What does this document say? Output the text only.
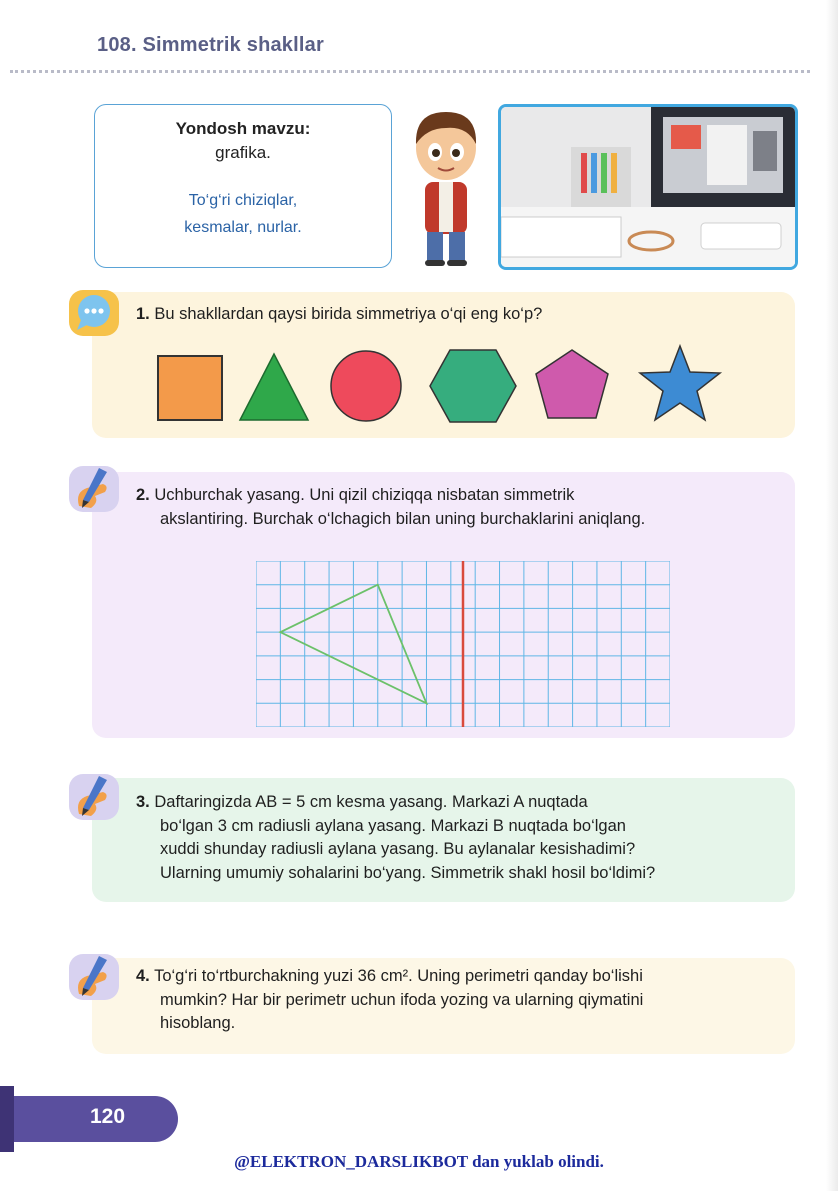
108. Simmetrik shakllar
Yondosh mavzu:
grafika.
To‘g‘ri chiziqlar,
kesmalar, nurlar.
1. Bu shakllardan qaysi birida simmetriya o‘qi eng ko‘p?
2. Uchburchak yasang. Uni qizil chiziqqa nisbatan simmetrik
akslantiring. Burchak o‘lchagich bilan uning burchaklarini aniqlang.
3. Daftaringizda AB = 5 cm kesma yasang. Markazi A nuqtada
bo‘lgan 3 cm radiusli aylana yasang. Markazi B nuqtada bo‘lgan
xuddi shunday radiusli aylana yasang. Bu aylanalar kesishadimi?
Ularning umumiy sohalarini bo‘yang. Simmetrik shakl hosil bo‘ldimi?
4. To‘g‘ri to‘rtburchakning yuzi 36 cm². Uning perimetri qanday bo‘lishi
mumkin? Har bir perimetr uchun ifoda yozing va ularning qiymatini
hisoblang.
120
@ELEKTRON_DARSLIKBOT dan yuklab olindi.
